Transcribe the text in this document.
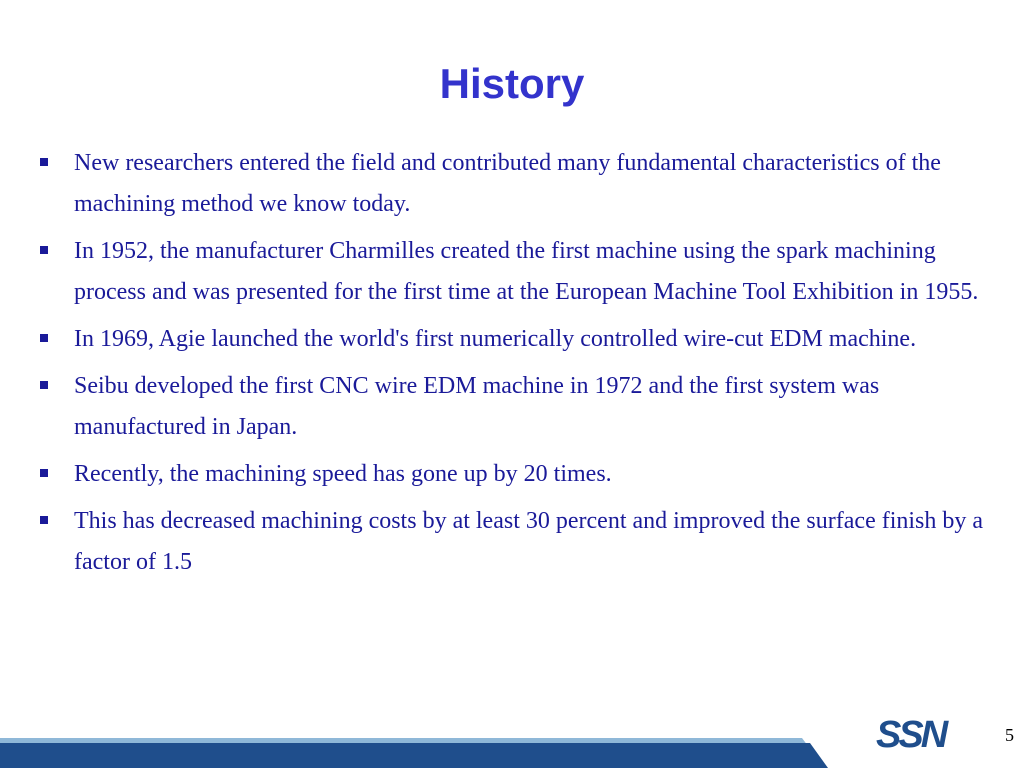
History
New researchers entered the field and contributed many fundamental characteristics of the machining method we know today.
In 1952, the manufacturer Charmilles created the first machine using the spark machining process and was presented for the first time at the European Machine Tool Exhibition in 1955.
In 1969, Agie launched the world's first numerically controlled wire-cut EDM machine.
Seibu developed the first CNC wire EDM machine in 1972 and the first system was manufactured in Japan.
Recently, the machining speed has gone up by 20 times.
This has decreased machining costs by at least 30 percent and improved the surface finish by a factor of 1.5
SSN	5
